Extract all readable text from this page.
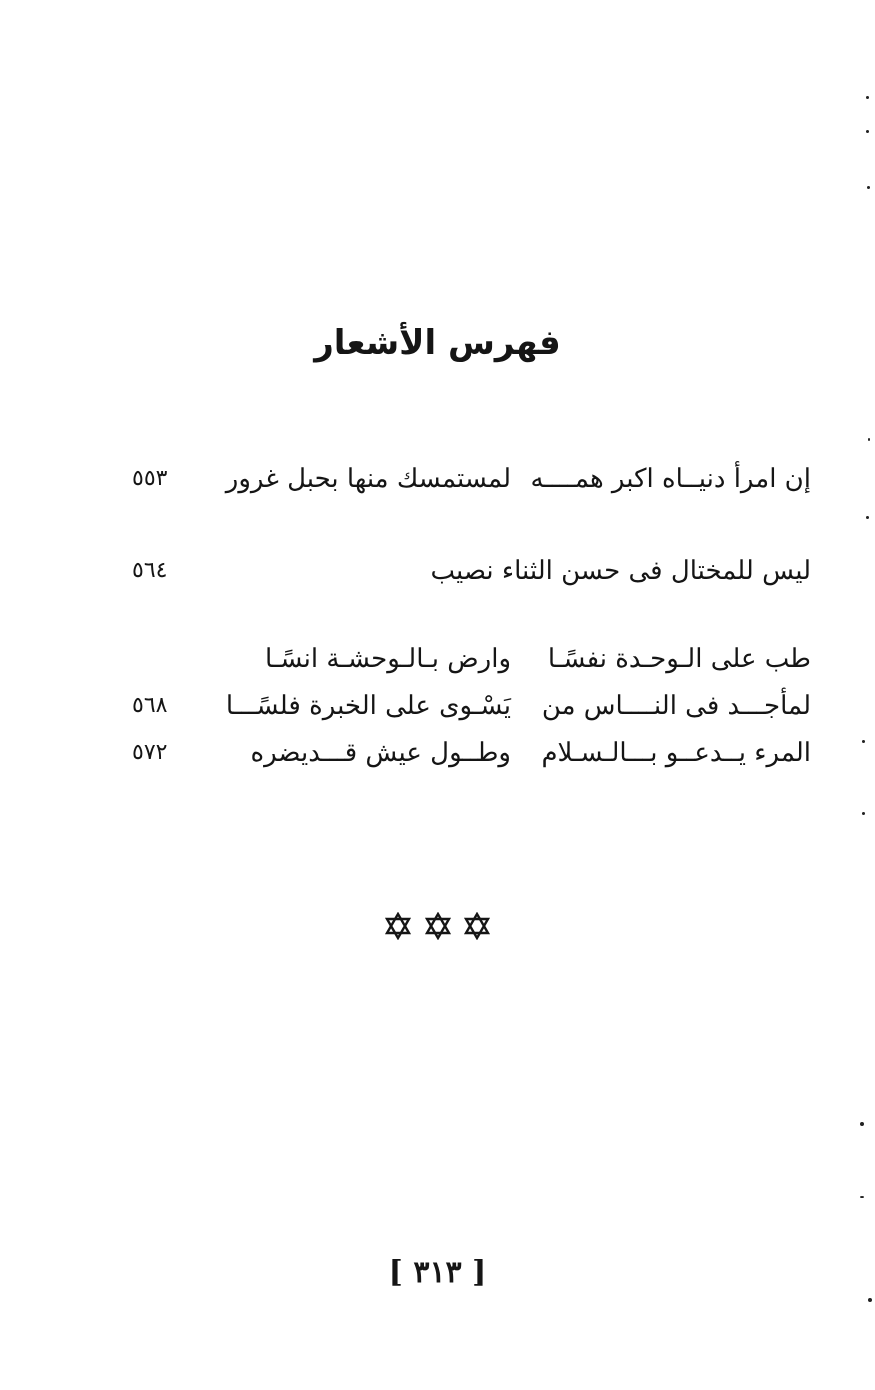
فهرس الأشعار
إن امرأ دنيــاه اكبر همــــهلمستمسك منها بحبل غرور
٥٥٣
ليس للمختال فى حسن الثناء نصيب
٥٦٤
طب على الـوحـدة نفسًـاوارض بـالـوحشـة انسًـا
لمأجـــد فى النــــاس منيَسْـوى على الخبرة فلسًـــا
٥٦٨
المرء يــدعــو بـــالـسـلاموطــول عيش قـــديضره
٥٧٢

[ ٣١٣ ]
